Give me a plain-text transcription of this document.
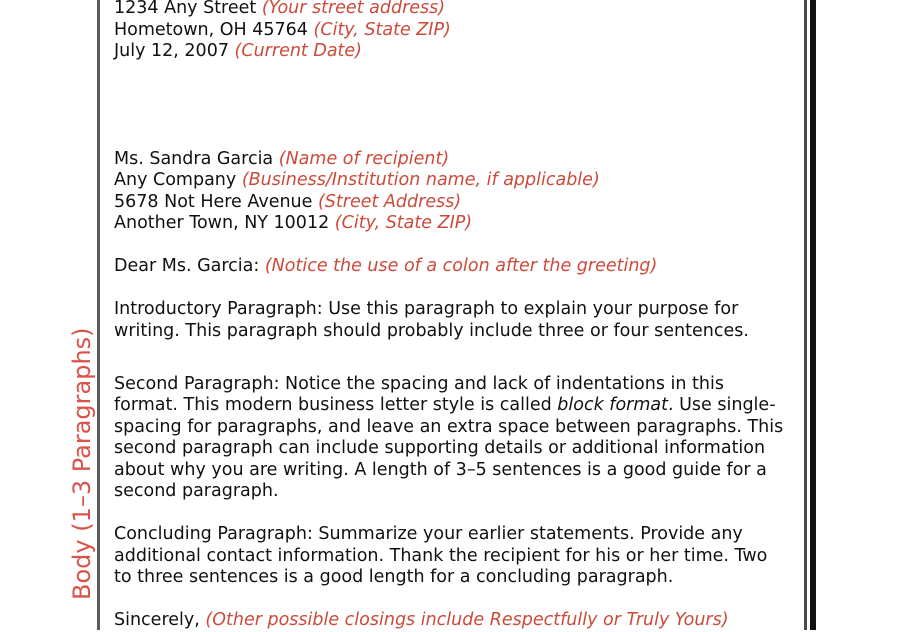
Body (1–3 Paragraphs)
1234 Any Street (Your street address)
Hometown, OH 45764 (City, State ZIP)
July 12, 2007 (Current Date)
Ms. Sandra Garcia (Name of recipient)
Any Company (Business/Institution name, if applicable)
5678 Not Here Avenue (Street Address)
Another Town, NY 10012 (City, State ZIP)
Dear Ms. Garcia: (Notice the use of a colon after the greeting)
Introductory Paragraph: Use this paragraph to explain your purpose for
writing. This paragraph should probably include three or four sentences.
Second Paragraph: Notice the spacing and lack of indentations in this
format. This modern business letter style is called block format. Use single-
spacing for paragraphs, and leave an extra space between paragraphs. This
second paragraph can include supporting details or additional information
about why you are writing. A length of 3–5 sentences is a good guide for a
second paragraph.
Concluding Paragraph: Summarize your earlier statements. Provide any
additional contact information. Thank the recipient for his or her time. Two
to three sentences is a good length for a concluding paragraph.
Sincerely, (Other possible closings include Respectfully or Truly Yours)
